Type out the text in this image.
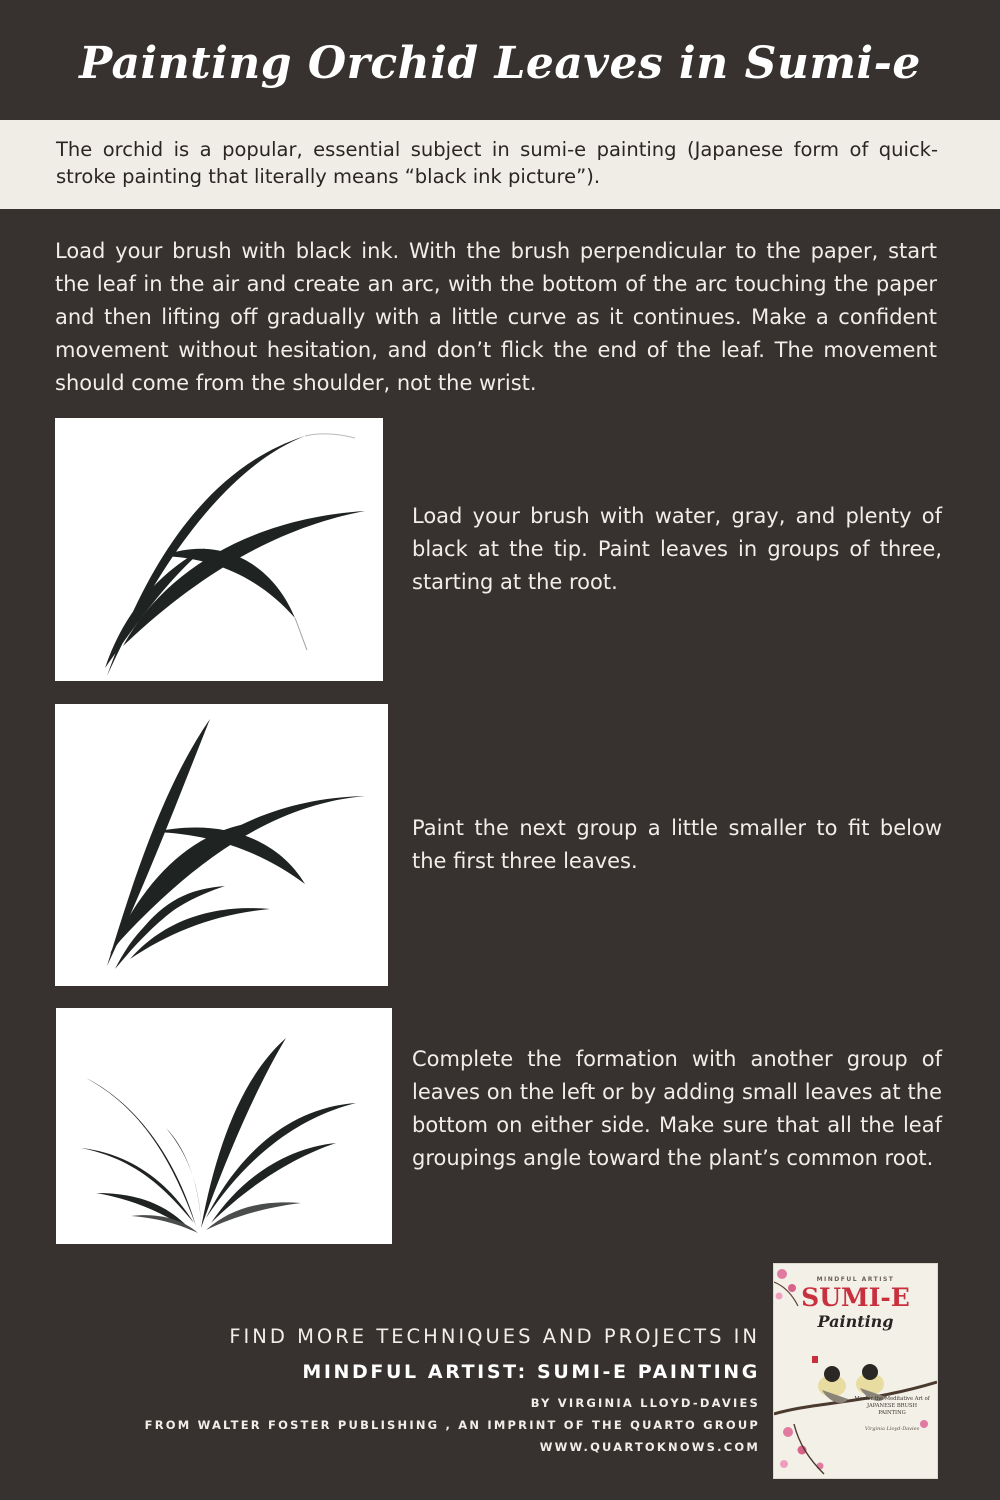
Painting Orchid Leaves in Sumi-e
The orchid is a popular, essential subject in sumi-e painting (Japanese form of quick-stroke painting that literally means “black ink picture”).
Load your brush with black ink. With the brush perpendicular to the paper, start the leaf in the air and create an arc, with the bottom of the arc touching the paper and then lifting off gradually with a little curve as it continues. Make a confident movement without hesitation, and don’t flick the end of the leaf. The movement should come from the shoulder, not the wrist.
Load your brush with water, gray, and plenty of black at the tip. Paint leaves in groups of three, starting at the root.
Paint the next group a little smaller to fit below the first three leaves.
Complete the formation with another group of leaves on the left or by adding small leaves at the bottom on either side. Make sure that all the leaf groupings angle toward the plant’s common root.
FIND MORE TECHNIQUES AND PROJECTS IN
MINDFUL ARTIST: SUMI-E PAINTING
BY VIRGINIA LLOYD-DAVIES
FROM WALTER FOSTER PUBLISHING , AN IMPRINT OF THE QUARTO GROUP
WWW.QUARTOKNOWS.COM
MINDFUL ARTIST
SUMI-E
Painting
Master the Meditative Art of JAPANESE BRUSH PAINTING
Virginia Lloyd-Davies
